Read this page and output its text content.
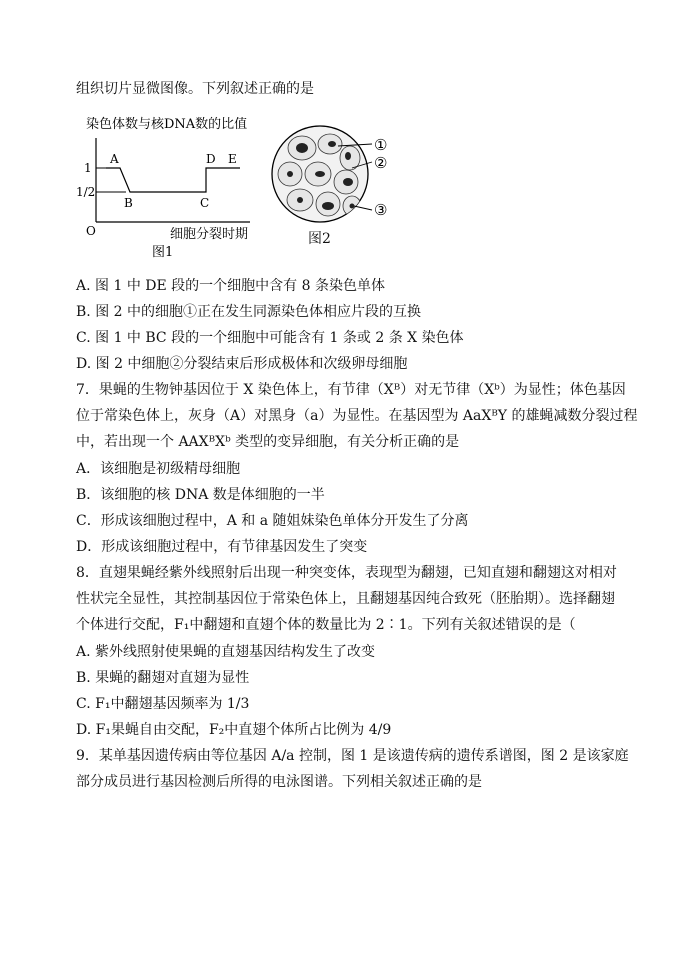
组织切片显微图像。下列叙述正确的是
染色体数与核DNA数的比值
1
1/2
A
B	C
D E
O	细胞分裂时期
图1
①
②
③
图2
A. 图 1 中 DE 段的一个细胞中含有 8 条染色单体
B. 图 2 中的细胞①正在发生同源染色体相应片段的互换
C. 图 1 中 BC 段的一个细胞中可能含有 1 条或 2 条 X 染色体
D. 图 2 中细胞②分裂结束后形成极体和次级卵母细胞
7．果蝇的生物钟基因位于 X 染色体上，有节律（Xᴮ）对无节律（Xᵇ）为显性；体色基因
位于常染色体上，灰身（A）对黑身（a）为显性。在基因型为 AaXᴮY 的雄蝇减数分裂过程
中，若出现一个 AAXᴮXᵇ 类型的变异细胞，有关分析正确的是
A．该细胞是初级精母细胞
B．该细胞的核 DNA 数是体细胞的一半
C．形成该细胞过程中，A 和 a 随姐妹染色单体分开发生了分离
D．形成该细胞过程中，有节律基因发生了突变
8．直翅果蝇经紫外线照射后出现一种突变体，表现型为翻翅，已知直翅和翻翅这对相对
性状完全显性，其控制基因位于常染色体上，且翻翅基因纯合致死（胚胎期）。选择翻翅
个体进行交配，F₁中翻翅和直翅个体的数量比为 2∶1。下列有关叙述错误的是（
A. 紫外线照射使果蝇的直翅基因结构发生了改变
B. 果蝇的翻翅对直翅为显性
C. F₁中翻翅基因频率为 1/3
D. F₁果蝇自由交配，F₂中直翅个体所占比例为 4/9
9．某单基因遗传病由等位基因 A/a 控制，图 1 是该遗传病的遗传系谱图，图 2 是该家庭
部分成员进行基因检测后所得的电泳图谱。下列相关叙述正确的是
